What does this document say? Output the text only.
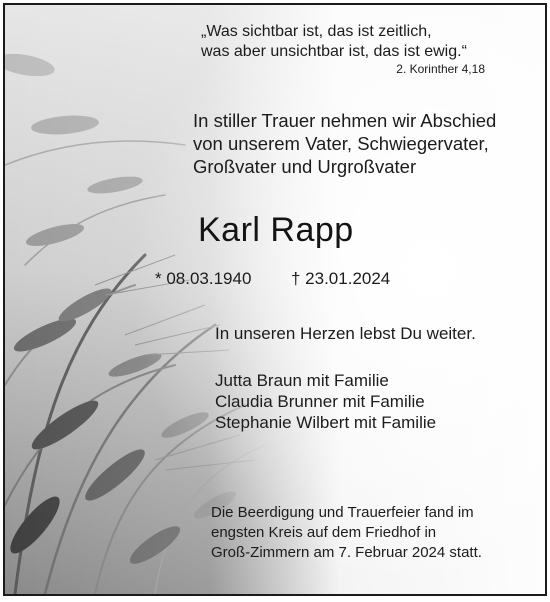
„Was sichtbar ist, das ist zeitlich,
was aber unsichtbar ist, das ist ewig.“
2. Korinther 4,18
In stiller Trauer nehmen wir Abschied
von unserem Vater, Schwiegervater,
Großvater und Urgroßvater
Karl Rapp
* 08.03.1940 † 23.01.2024
In unseren Herzen lebst Du weiter.
Jutta Braun mit Familie
Claudia Brunner mit Familie
Stephanie Wilbert mit Familie
Die Beerdigung und Trauerfeier fand im
engsten Kreis auf dem Friedhof in
Groß-Zimmern am 7. Februar 2024 statt.
